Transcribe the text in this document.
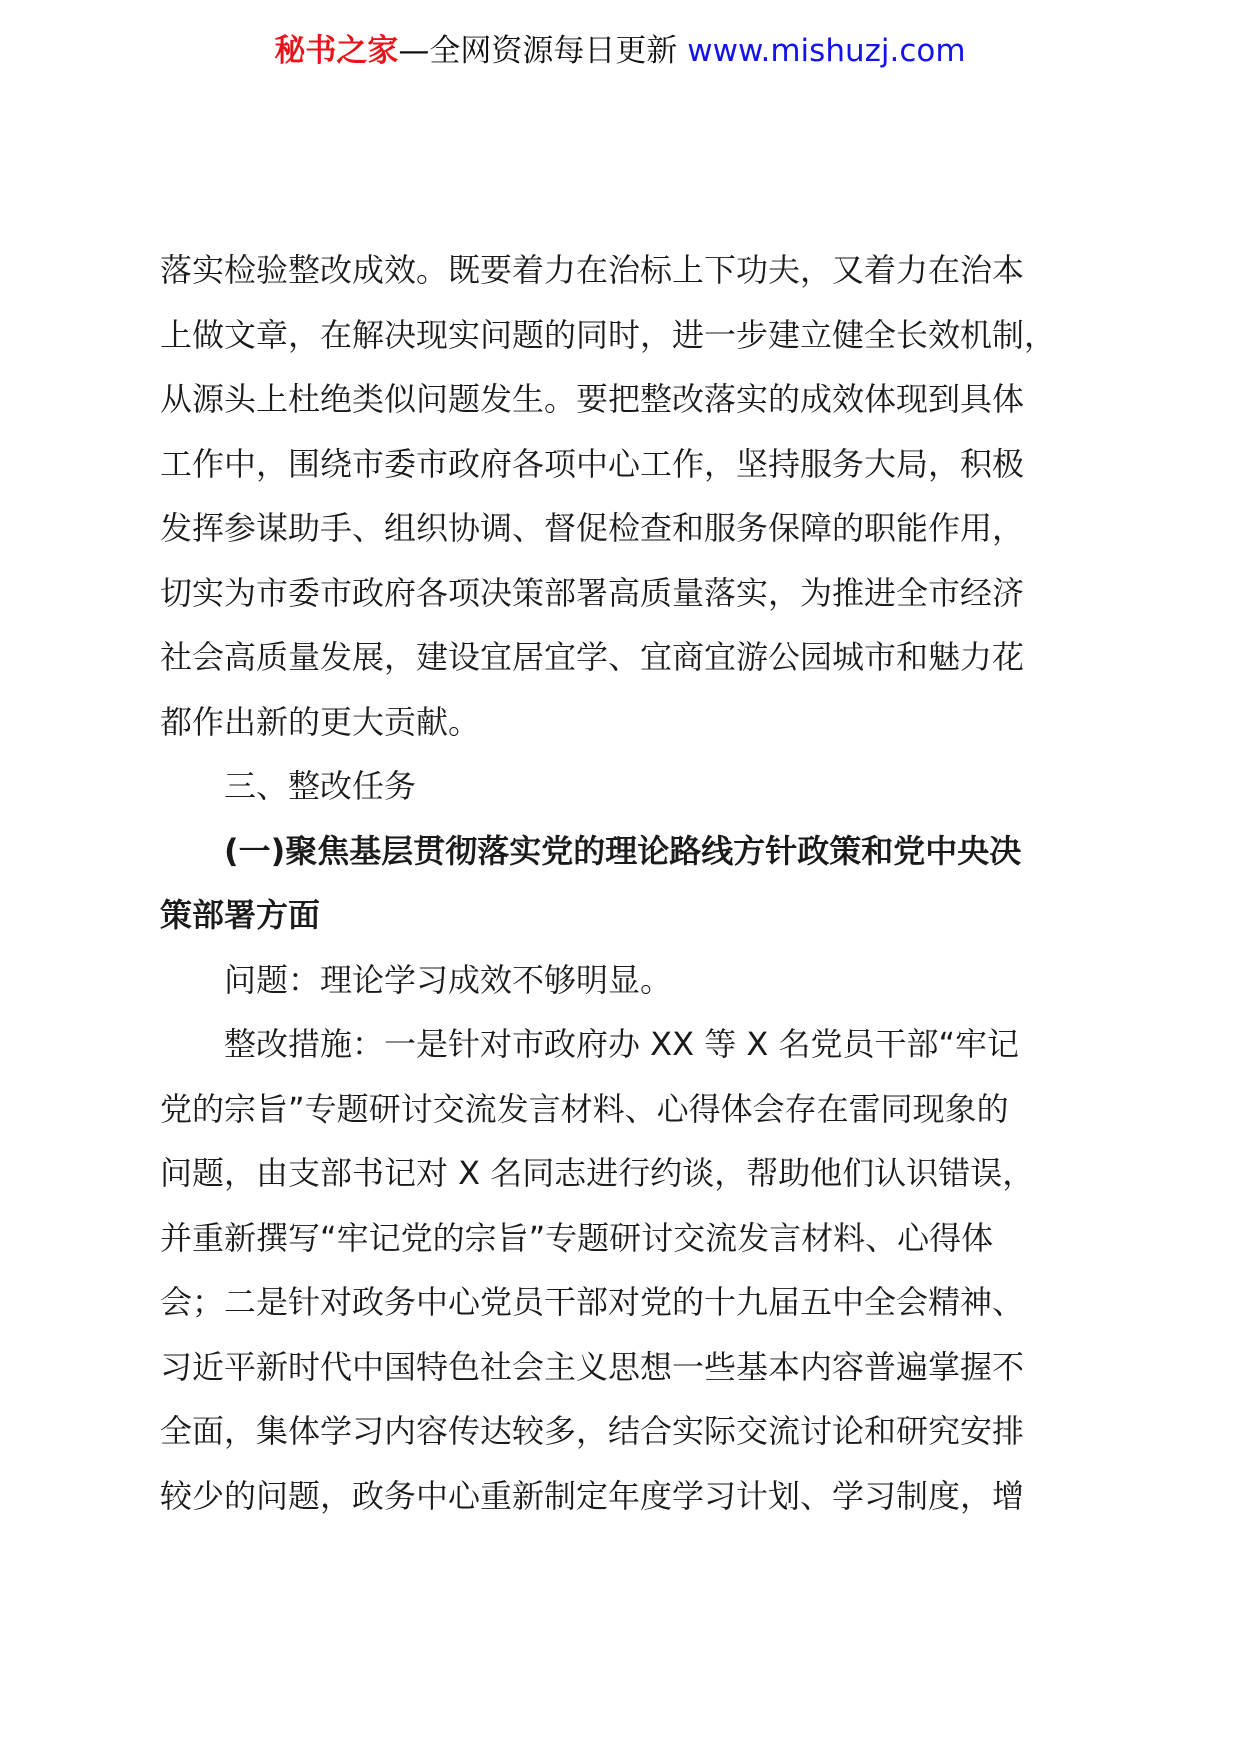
秘书之家—全网资源每日更新 www.mishuzj.com

落实检验整改成效。既要着力在治标上下功夫，又着力在治本

上做文章，在解决现实问题的同时，进一步建立健全长效机制，

从源头上杜绝类似问题发生。要把整改落实的成效体现到具体

工作中，围绕市委市政府各项中心工作，坚持服务大局，积极

发挥参谋助手、组织协调、督促检查和服务保障的职能作用，

切实为市委市政府各项决策部署高质量落实，为推进全市经济

社会高质量发展，建设宜居宜学、宜商宜游公园城市和魅力花

都作出新的更大贡献。

三、整改任务

(一)聚焦基层贯彻落实党的理论路线方针政策和党中央决

策部署方面

问题：理论学习成效不够明显。

整改措施：一是针对市政府办 XX 等 X 名党员干部“牢记

党的宗旨”专题研讨交流发言材料、心得体会存在雷同现象的

问题，由支部书记对 X 名同志进行约谈，帮助他们认识错误，

并重新撰写“牢记党的宗旨”专题研讨交流发言材料、心得体

会；二是针对政务中心党员干部对党的十九届五中全会精神、

习近平新时代中国特色社会主义思想一些基本内容普遍掌握不

全面，集体学习内容传达较多，结合实际交流讨论和研究安排

较少的问题，政务中心重新制定年度学习计划、学习制度，增
